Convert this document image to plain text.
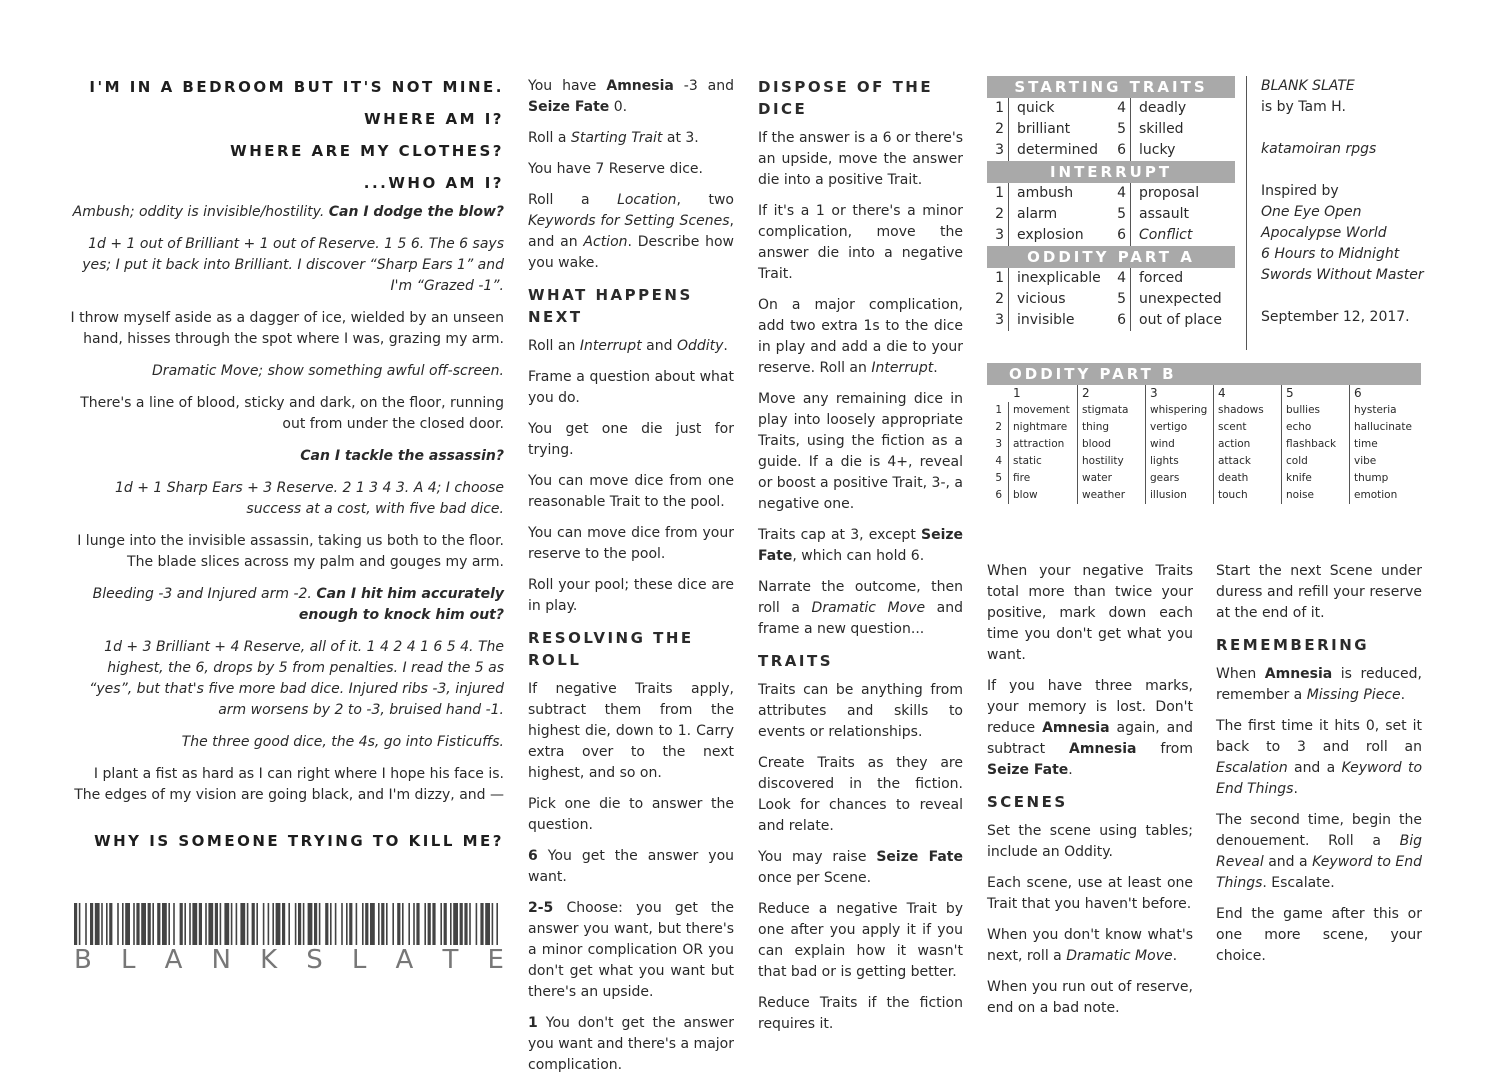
I'M IN A BEDROOM BUT IT'S NOT MINE.
WHERE AM I?
WHERE ARE MY CLOTHES?
...WHO AM I?

Ambush; oddity is invisible/hostility. Can I dodge the blow?

1d + 1 out of Brilliant + 1 out of Reserve. 1 5 6. The 6 says yes; I put it back into Brilliant. I discover “Sharp Ears 1” and I'm “Grazed -1”.

I throw myself aside as a dagger of ice, wielded by an unseen hand, hisses through the spot where I was, grazing my arm.

Dramatic Move; show something awful off-screen.

There's a line of blood, sticky and dark, on the floor, running out from under the closed door.

Can I tackle the assassin?

1d + 1 Sharp Ears + 3 Reserve. 2 1 3 4 3. A 4; I choose success at a cost, with five bad dice.

I lunge into the invisible assassin, taking us both to the floor. The blade slices across my palm and gouges my arm.

Bleeding -3 and Injured arm -2. Can I hit him accurately enough to knock him out?

1d + 3 Brilliant + 4 Reserve, all of it. 1 4 2 4 1 6 5 4. The highest, the 6, drops by 5 from penalties. I read the 5 as “yes”, but that's five more bad dice. Injured ribs -3, injured arm worsens by 2 to -3, bruised hand -1.

The three good dice, the 4s, go into Fisticuffs.

I plant a fist as hard as I can right where I hope his face is. The edges of my vision are going black, and I'm dizzy, and —

WHY IS SOMEONE TRYING TO KILL ME?
B L A N K S L A T E

You have Amnesia -3 and Seize Fate 0.

Roll a Starting Trait at 3.

You have 7 Reserve dice.

Roll a Location, two Keywords for Setting Scenes, and an Action. Describe how you wake.

WHAT HAPPENS NEXT

Roll an Interrupt and Oddity.

Frame a question about what you do.

You get one die just for trying.

You can move dice from one reasonable Trait to the pool.

You can move dice from your reserve to the pool.

Roll your pool; these dice are in play.

RESOLVING THE ROLL

If negative Traits apply, subtract them from the highest die, down to 1. Carry extra over to the next highest, and so on.

Pick one die to answer the question.

6 You get the answer you want.

2-5 Choose: you get the answer you want, but there's a minor complication OR you don't get what you want but there's an upside.

1 You don't get the answer you want and there's a major complication.

DISPOSE OF THE DICE

If the answer is a 6 or there's an upside, move the answer die into a positive Trait.

If it's a 1 or there's a minor complication, move the answer die into a negative Trait.

On a major complication, add two extra 1s to the dice in play and add a die to your reserve. Roll an Interrupt.

Move any remaining dice in play into loosely appropriate Traits, using the fiction as a guide. If a die is 4+, reveal or boost a positive Trait, 3-, a negative one.

Traits cap at 3, except Seize Fate, which can hold 6.

Narrate the outcome, then roll a Dramatic Move and frame a new question...

TRAITS

Traits can be anything from attributes and skills to events or relationships.

Create Traits as they are discovered in the fiction. Look for chances to reveal and relate.

You may raise Seize Fate once per Scene.

Reduce a negative Trait by one after you apply it if you can explain how it wasn't that bad or is getting better.

Reduce Traits if the fiction requires it.

STARTING TRAITS
1 quick	4 deadly
2 brilliant	5 skilled
3 determined	6 lucky
INTERRUPT
1 ambush	4 proposal
2 alarm	5 assault
3 explosion	6 Conflict
ODDITY PART A
1 inexplicable	4 forced
2 vicious	5 unexpected
3 invisible	6 out of place

BLANK SLATE

is by Tam H.

katamoiran rpgs

Inspired by

One Eye Open

Apocalypse World

6 Hours to Midnight

Swords Without Master

September 12, 2017.

ODDITY PART B
1	2	3	4	5	6
1	movement	stigmata	whispering	shadows	bullies	hysteria
2	nightmare	thing	vertigo	scent	echo	hallucinate
3	attraction	blood	wind	action	flashback	time
4	static	hostility	lights	attack	cold	vibe
5	fire	water	gears	death	knife	thump
6	blow	weather	illusion	touch	noise	emotion

When your negative Traits total more than twice your positive, mark down each time you don't get what you want.

If you have three marks, your memory is lost. Don't reduce Amnesia again, and subtract Amnesia from Seize Fate.

SCENES

Set the scene using tables; include an Oddity.

Each scene, use at least one Trait that you haven't before.

When you don't know what's next, roll a Dramatic Move.

When you run out of reserve, end on a bad note.

Start the next Scene under duress and refill your reserve at the end of it.

REMEMBERING

When Amnesia is reduced, remember a Missing Piece.

The first time it hits 0, set it back to 3 and roll an Escalation and a Keyword to End Things.

The second time, begin the denouement. Roll a Big Reveal and a Keyword to End Things. Escalate.

End the game after this or one more scene, your choice.
